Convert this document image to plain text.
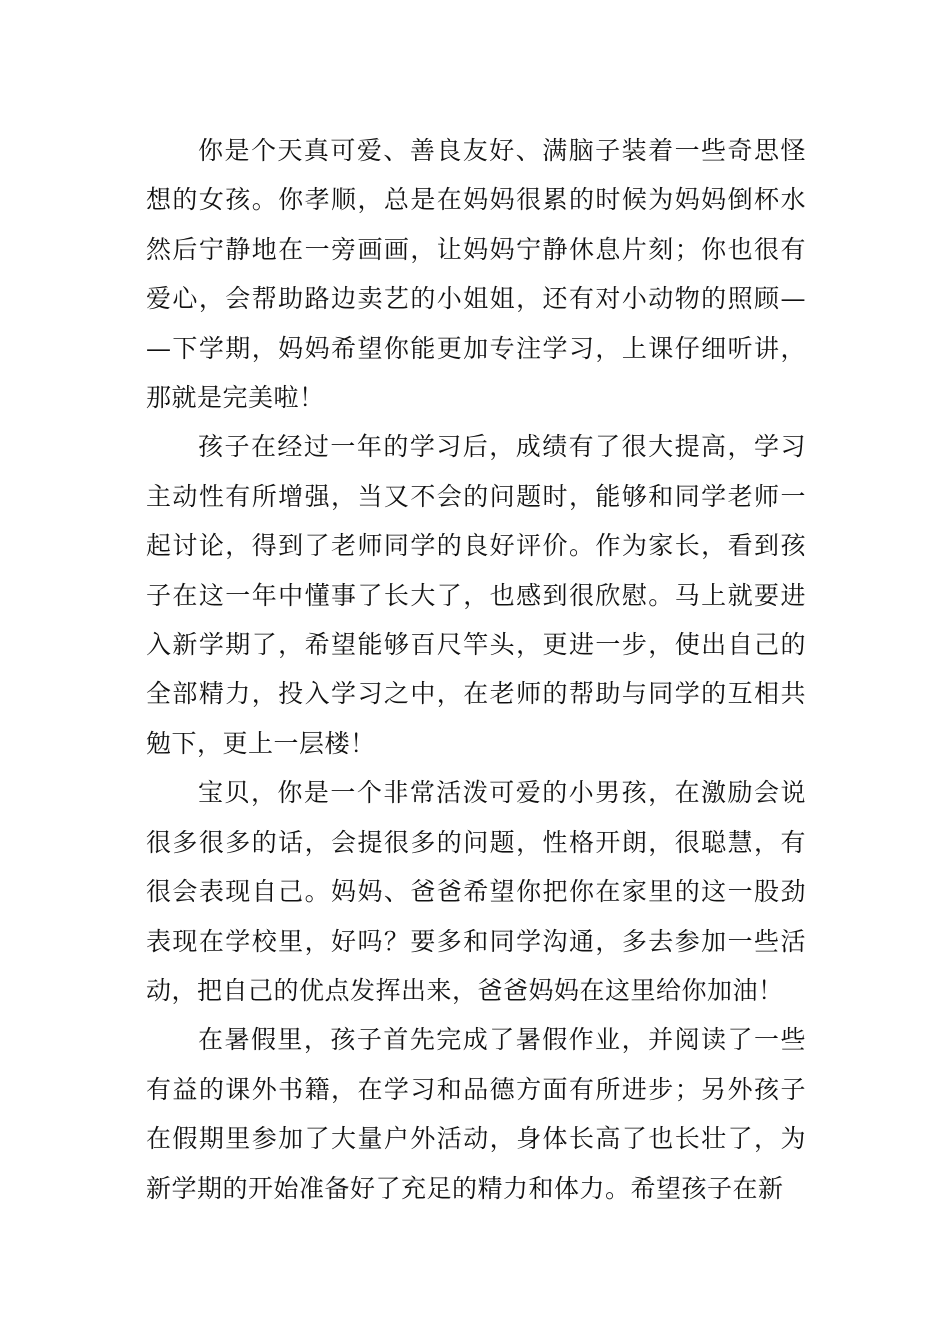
你是个天真可爱、善良友好、满脑子装着一些奇思怪想的女孩。你孝顺，总是在妈妈很累的时候为妈妈倒杯水然后宁静地在一旁画画，让妈妈宁静休息片刻；你也很有爱心，会帮助路边卖艺的小姐姐，还有对小动物的照顾——下学期，妈妈希望你能更加专注学习，上课仔细听讲，那就是完美啦！

孩子在经过一年的学习后，成绩有了很大提高，学习主动性有所增强，当又不会的问题时，能够和同学老师一起讨论，得到了老师同学的良好评价。作为家长，看到孩子在这一年中懂事了长大了，也感到很欣慰。马上就要进入新学期了，希望能够百尺竿头，更进一步，使出自己的全部精力，投入学习之中，在老师的帮助与同学的互相共勉下，更上一层楼！

宝贝，你是一个非常活泼可爱的小男孩，在激励会说很多很多的话，会提很多的问题，性格开朗，很聪慧，有很会表现自己。妈妈、爸爸希望你把你在家里的这一股劲表现在学校里，好吗？要多和同学沟通，多去参加一些活动，把自己的优点发挥出来，爸爸妈妈在这里给你加油！

在暑假里，孩子首先完成了暑假作业，并阅读了一些有益的课外书籍，在学习和品德方面有所进步；另外孩子在假期里参加了大量户外活动，身体长高了也长壮了，为新学期的开始准备好了充足的精力和体力。希望孩子在新
